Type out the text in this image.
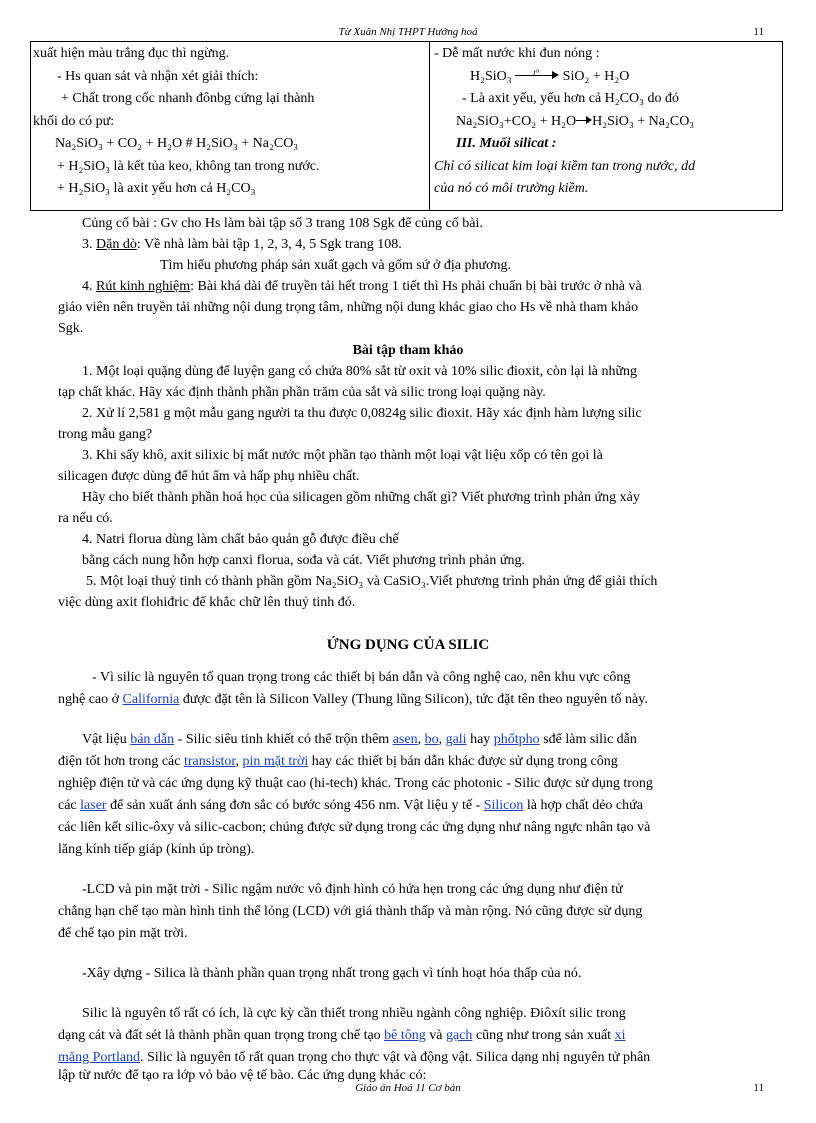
Từ Xuân Nhị THPT Hướng hoá	11

xuất hiện màu trắng đục thì ngừng.

- Hs quan sát và nhận xét giải thích:

+ Chất trong cốc nhanh đônbg cứng lại thành

khối do có pư:

Na₂SiO₃ + CO₂ + H₂O # H₂SiO₃ + Na₂CO₃

+ H₂SiO₃ là kết tủa keo, không tan trong nước.

+ H₂SiO₃ là axit yếu hơn cả H₂CO₃

- Dễ mất nước khi đun nóng :

H₂SiO₃ t° SiO₂ + H₂O

- Là axit yếu, yếu hơn cả H₂CO₃ do đó

Na₂SiO₃+CO₂ + H₂O H₂SiO₃ + Na₂CO₃

III. Muối silicat :

Chỉ có silicat kim loại kiềm tan trong nước, dd

của nó có môi trường kiềm.

Củng cố bài : Gv cho Hs làm bài tập số 3 trang 108 Sgk để củng cố bài.
3. Dặn dò: Về nhà làm bài tập 1, 2, 3, 4, 5 Sgk trang 108.
Tìm hiểu phương pháp sản xuất gạch và gốm sứ ở địa phương.
4. Rút kinh nghiệm: Bài khá dài để truyền tải hết trong 1 tiết thì Hs phải chuẩn bị bài trước ở nhà và
giáo viên nên truyền tải những nội dung trọng tâm, những nội dung khác giao cho Hs về nhà tham khảo
Sgk.
Bài tập tham khảo
1. Một loại quặng dùng để luyện gang có chứa 80% sắt từ oxit và 10% silic đioxit, còn lại là những
tạp chất khác. Hãy xác định thành phần phần trăm của sắt và silic trong loại quặng này.
2. Xử lí 2,581 g một mẫu gang người ta thu được 0,0824g silic đioxit. Hãy xác định hàm lượng silic
trong mẫu gang?
3. Khi sấy khô, axit silixic bị mất nước một phần tạo thành một loại vật liệu xốp có tên gọi là
silicagen được dùng để hút ẩm và hấp phụ nhiều chất.
Hãy cho biết thành phần hoá học của silicagen gồm những chất gì? Viết phương trình phản ứng xảy
ra nếu có.
4. Natri florua dùng làm chất bảo quản gỗ được điều chế
bằng cách nung hỗn hợp canxi florua, sođa và cát. Viết phương trình phản ứng.
5. Một loại thuỷ tinh có thành phần gồm Na₂SiO₃ và CaSiO₃.Viết phương trình phản ứng để giải thích
việc dùng axit flohiđric để khắc chữ lên thuỷ tinh đó.
ỨNG DỤNG CỦA SILIC
- Vì silic là nguyên tố quan trọng trong các thiết bị bán dẫn và công nghệ cao, nên khu vực công
nghệ cao ở California được đặt tên là Silicon Valley (Thung lũng Silicon), tức đặt tên theo nguyên tố này.
Vật liệu bán dẫn - Silic siêu tinh khiết có thể trộn thêm asen, bo, gali hay phốtpho sđể làm silic dẫn
điện tốt hơn trong các transistor, pin mặt trời hay các thiết bị bán dẫn khác được sử dụng trong công
nghiệp điện tử và các ứng dụng kỹ thuật cao (hi-tech) khác. Trong các photonic - Silic được sử dụng trong
các laser để sản xuất ánh sáng đơn sắc có bước sóng 456 nm. Vật liệu y tế - Silicon là hợp chất dẻo chứa
các liên kết silic-ôxy và silic-cacbon; chúng được sử dụng trong các ứng dụng như nâng ngực nhân tạo và
lăng kính tiếp giáp (kính úp tròng).
-LCD và pin mặt trời - Silic ngậm nước vô định hình có hứa hẹn trong các ứng dụng như điện tử
chẳng hạn chế tạo màn hình tinh thể lỏng (LCD) với giá thành thấp và màn rộng. Nó cũng được sử dụng
để chế tạo pin mặt trời.
-Xây dựng - Silica là thành phần quan trọng nhất trong gạch vì tính hoạt hóa thấp của nó.
Silic là nguyên tố rất có ích, là cực kỳ cần thiết trong nhiều ngành công nghiệp. Điôxít silic trong
dạng cát và đất sét là thành phần quan trọng trong chế tạo bê tông và gạch cũng như trong sản xuất xi
măng Portland. Silic là nguyên tố rất quan trọng cho thực vật và động vật. Silica dạng nhị nguyên tử phân
lập từ nước để tạo ra lớp vỏ bảo vệ tế bào. Các ứng dụng khác có:
Giáo án Hoá 11 Cơ bản	11
